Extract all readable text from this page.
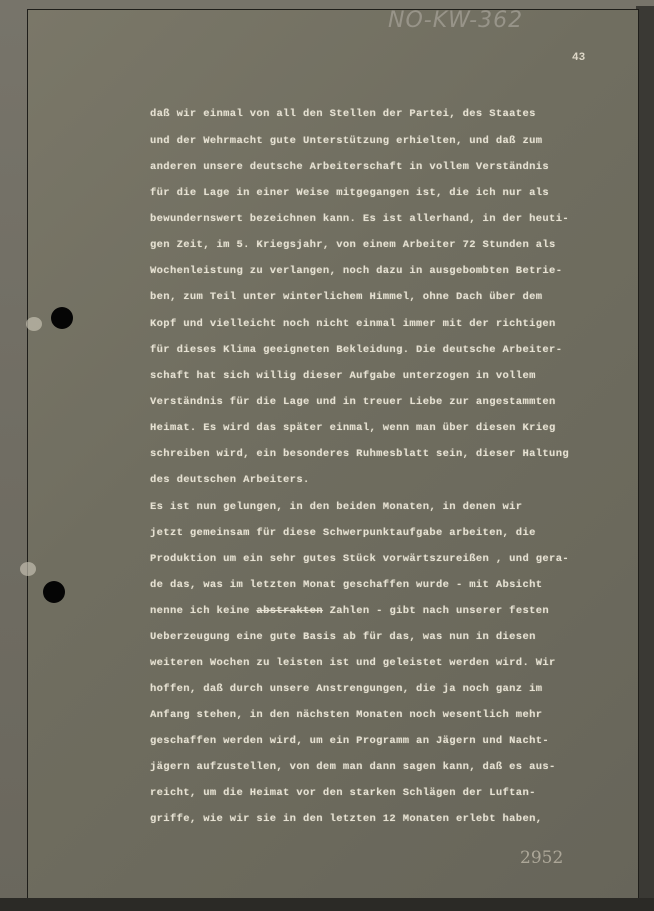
NO-KW-362
43
daß wir einmal von all den Stellen der Partei, des Staates
und der Wehrmacht gute Unterstützung erhielten, und daß zum
anderen unsere deutsche Arbeiterschaft in vollem Verständnis
für die Lage in einer Weise mitgegangen ist, die ich nur als
bewundernswert bezeichnen kann. Es ist allerhand, in der heuti-
gen Zeit, im 5. Kriegsjahr, von einem Arbeiter 72 Stunden als
Wochenleistung zu verlangen, noch dazu in ausgebombten Betrie-
ben, zum Teil unter winterlichem Himmel, ohne Dach über dem
Kopf und vielleicht noch nicht einmal immer mit der richtigen
für dieses Klima geeigneten Bekleidung. Die deutsche Arbeiter-
schaft hat sich willig dieser Aufgabe unterzogen in vollem
Verständnis für die Lage und in treuer Liebe zur angestammten
Heimat. Es wird das später einmal, wenn man über diesen Krieg
schreiben wird, ein besonderes Ruhmesblatt sein, dieser Haltung
des deutschen Arbeiters.
Es ist nun gelungen, in den beiden Monaten, in denen wir
jetzt gemeinsam für diese Schwerpunktaufgabe arbeiten, die
Produktion um ein sehr gutes Stück vorwärtszureißen , und gera-
de das, was im letzten Monat geschaffen wurde - mit Absicht
nenne ich keine abstrakten Zahlen - gibt nach unserer festen
Ueberzeugung eine gute Basis ab für das, was nun in diesen
weiteren Wochen zu leisten ist und geleistet werden wird. Wir
hoffen, daß durch unsere Anstrengungen, die ja noch ganz im
Anfang stehen, in den nächsten Monaten noch wesentlich mehr
geschaffen werden wird, um ein Programm an Jägern und Nacht-
jägern aufzustellen, von dem man dann sagen kann, daß es aus-
reicht, um die Heimat vor den starken Schlägen der Luftan-
griffe, wie wir sie in den letzten 12 Monaten erlebt haben,
2952
